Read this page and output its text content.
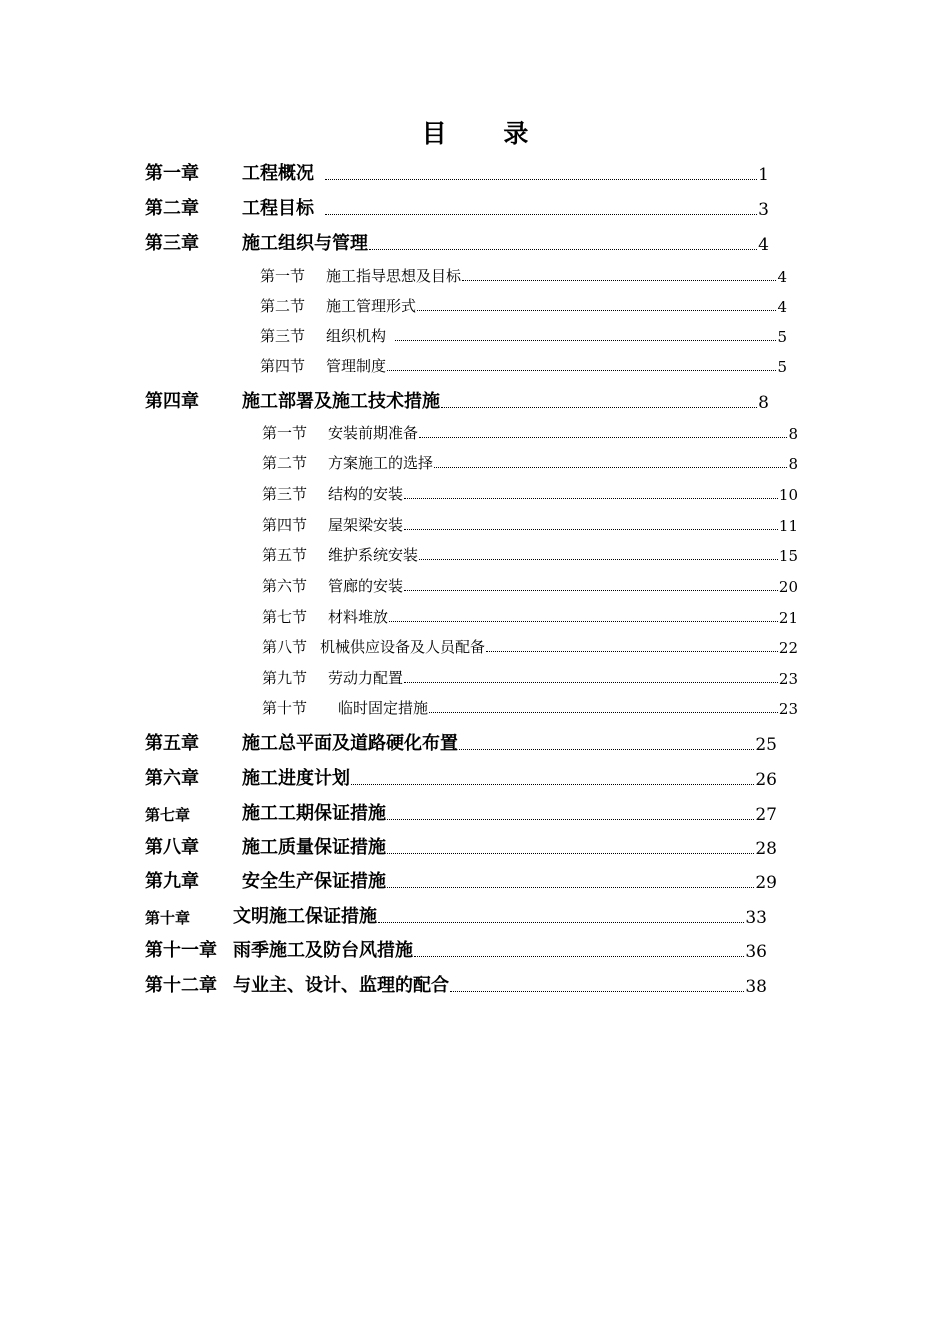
目 录
第一章	工程概况	1
第二章	工程目标	3
第三章	施工组织与管理	4
第一节	施工指导思想及目标	4
第二节	施工管理形式	4
第三节	组织机构	5
第四节	管理制度	5
第四章	施工部署及施工技术措施	8
第一节	安装前期准备	8
第二节	方案施工的选择	8
第三节	结构的安装	10
第四节	屋架梁安装	11
第五节	维护系统安装	15
第六节	管廊的安装	20
第七节	材料堆放	21
第八节 机械供应设备及人员配备	22
第九节	劳动力配置	23
第十节	临时固定措施	23
第五章	施工总平面及道路硬化布置	25
第六章	施工进度计划	26
第七章	施工工期保证措施	27
第八章	施工质量保证措施	28
第九章	安全生产保证措施	29
第十章	文明施工保证措施	33
第十一章 雨季施工及防台风措施	36
第十二章 与业主、设计、监理的配合	38
